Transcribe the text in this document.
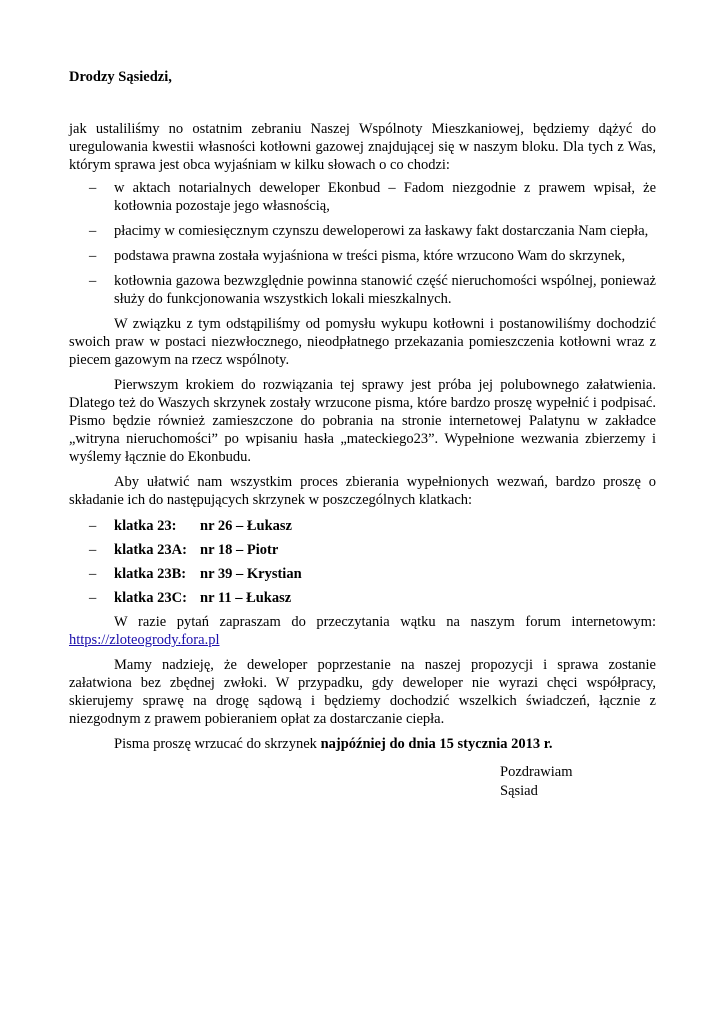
Drodzy Sąsiedzi,

jak ustaliliśmy no ostatnim zebraniu Naszej Wspólnoty Mieszkaniowej, będziemy dążyć do uregulowania kwestii własności kotłowni gazowej znajdującej się w naszym bloku. Dla tych z Was, którym sprawa jest obca wyjaśniam w kilku słowach o co chodzi:

– w aktach notarialnych deweloper Ekonbud – Fadom niezgodnie z prawem wpisał, że kotłownia pozostaje jego własnością,
– płacimy w comiesięcznym czynszu deweloperowi za łaskawy fakt dostarczania Nam ciepła,
– podstawa prawna została wyjaśniona w treści pisma, które wrzucono Wam do skrzynek,
– kotłownia gazowa bezwzględnie powinna stanowić część nieruchomości wspólnej, ponieważ służy do funkcjonowania wszystkich lokali mieszkalnych.

W związku z tym odstąpiliśmy od pomysłu wykupu kotłowni i postanowiliśmy dochodzić swoich praw w postaci niezwłocznego, nieodpłatnego przekazania pomieszczenia kotłowni wraz z piecem gazowym na rzecz wspólnoty.

Pierwszym krokiem do rozwiązania tej sprawy jest próba jej polubownego załatwienia. Dlatego też do Waszych skrzynek zostały wrzucone pisma, które bardzo proszę wypełnić i podpisać. Pismo będzie również zamieszczone do pobrania na stronie internetowej Palatynu w zakładce „witryna nieruchomości” po wpisaniu hasła „mateckiego23”. Wypełnione wezwania zbierzemy i wyślemy łącznie do Ekonbudu.

Aby ułatwić nam wszystkim proces zbierania wypełnionych wezwań, bardzo proszę o składanie ich do następujących skrzynek w poszczególnych klatkach:

– klatka 23: nr 26 – Łukasz
– klatka 23A: nr 18 – Piotr
– klatka 23B: nr 39 – Krystian
– klatka 23C: nr 11 – Łukasz

W razie pytań zapraszam do przeczytania wątku na naszym forum internetowym: https://zloteogrody.fora.pl

Mamy nadzieję, że deweloper poprzestanie na naszej propozycji i sprawa zostanie załatwiona bez zbędnej zwłoki. W przypadku, gdy deweloper nie wyrazi chęci współpracy, skierujemy sprawę na drogę sądową i będziemy dochodzić wszelkich świadczeń, łącznie z niezgodnym z prawem pobieraniem opłat za dostarczanie ciepła.

Pisma proszę wrzucać do skrzynek najpóźniej do dnia 15 stycznia 2013 r.

Pozdrawiam
Sąsiad
